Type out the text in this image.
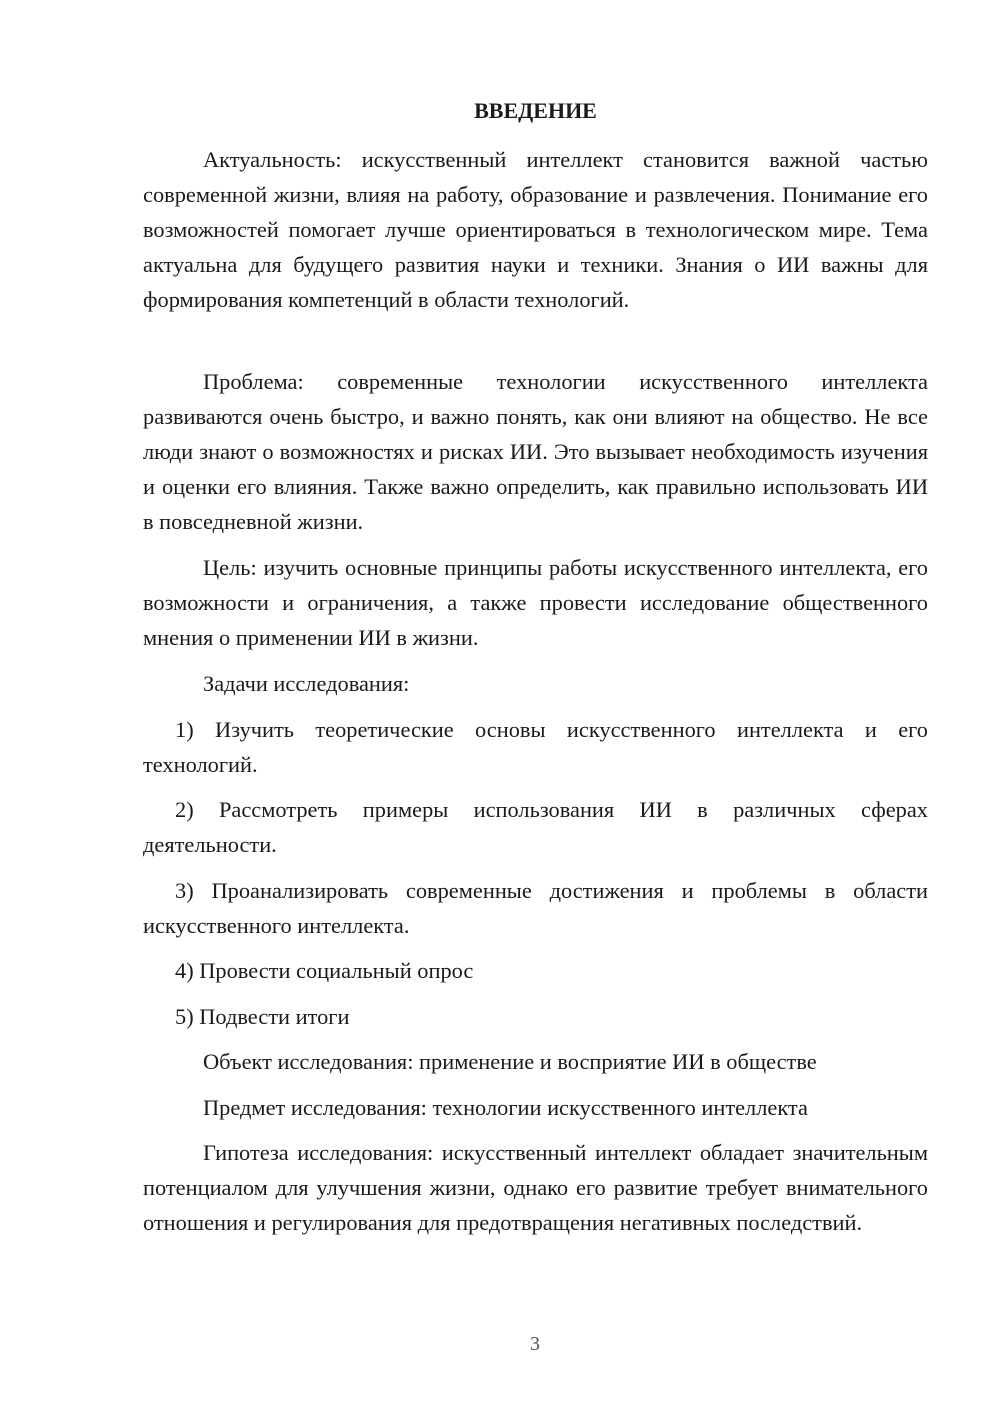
ВВЕДЕНИЕ

Актуальность: искусственный интеллект становится важной частью современной жизни, влияя на работу, образование и развлечения. Понимание его возможностей помогает лучше ориентироваться в технологическом мире. Тема актуальна для будущего развития науки и техники. Знания о ИИ важны для формирования компетенций в области технологий.

Проблема: современные технологии искусственного интеллекта развиваются очень быстро, и важно понять, как они влияют на общество. Не все люди знают о возможностях и рисках ИИ. Это вызывает необходимость изучения и оценки его влияния. Также важно определить, как правильно использовать ИИ в повседневной жизни.

Цель: изучить основные принципы работы искусственного интеллекта, его возможности и ограничения, а также провести исследование общественного мнения о применении ИИ в жизни.

Задачи исследования:

1) Изучить теоретические основы искусственного интеллекта и его технологий.

2) Рассмотреть примеры использования ИИ в различных сферах деятельности.

3) Проанализировать современные достижения и проблемы в области искусственного интеллекта.

4) Провести социальный опрос

5) Подвести итоги

Объект исследования: применение и восприятие ИИ в обществе

Предмет исследования: технологии искусственного интеллекта

Гипотеза исследования: искусственный интеллект обладает значительным потенциалом для улучшения жизни, однако его развитие требует внимательного отношения и регулирования для предотвращения негативных последствий.

3
